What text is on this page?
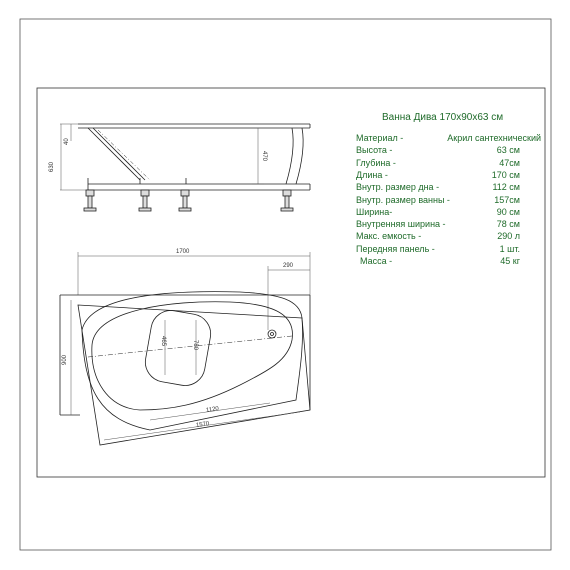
Ванна Дива 170х90х63 см
Материал -	Акрил сантехнический
Высота -	63 см
Глубина -	47см
Длина -	170 см
Внутр. размер дна -	112 см
Внутр. размер ванны -	157см
Ширина-	90 см
Внутренняя ширина -	78 см
Макс. емкость -	290 л
Передняя панель -	1 шт.
Масса -	45 кг
630
40
470
1700
290
900
465	780
1120
1570
